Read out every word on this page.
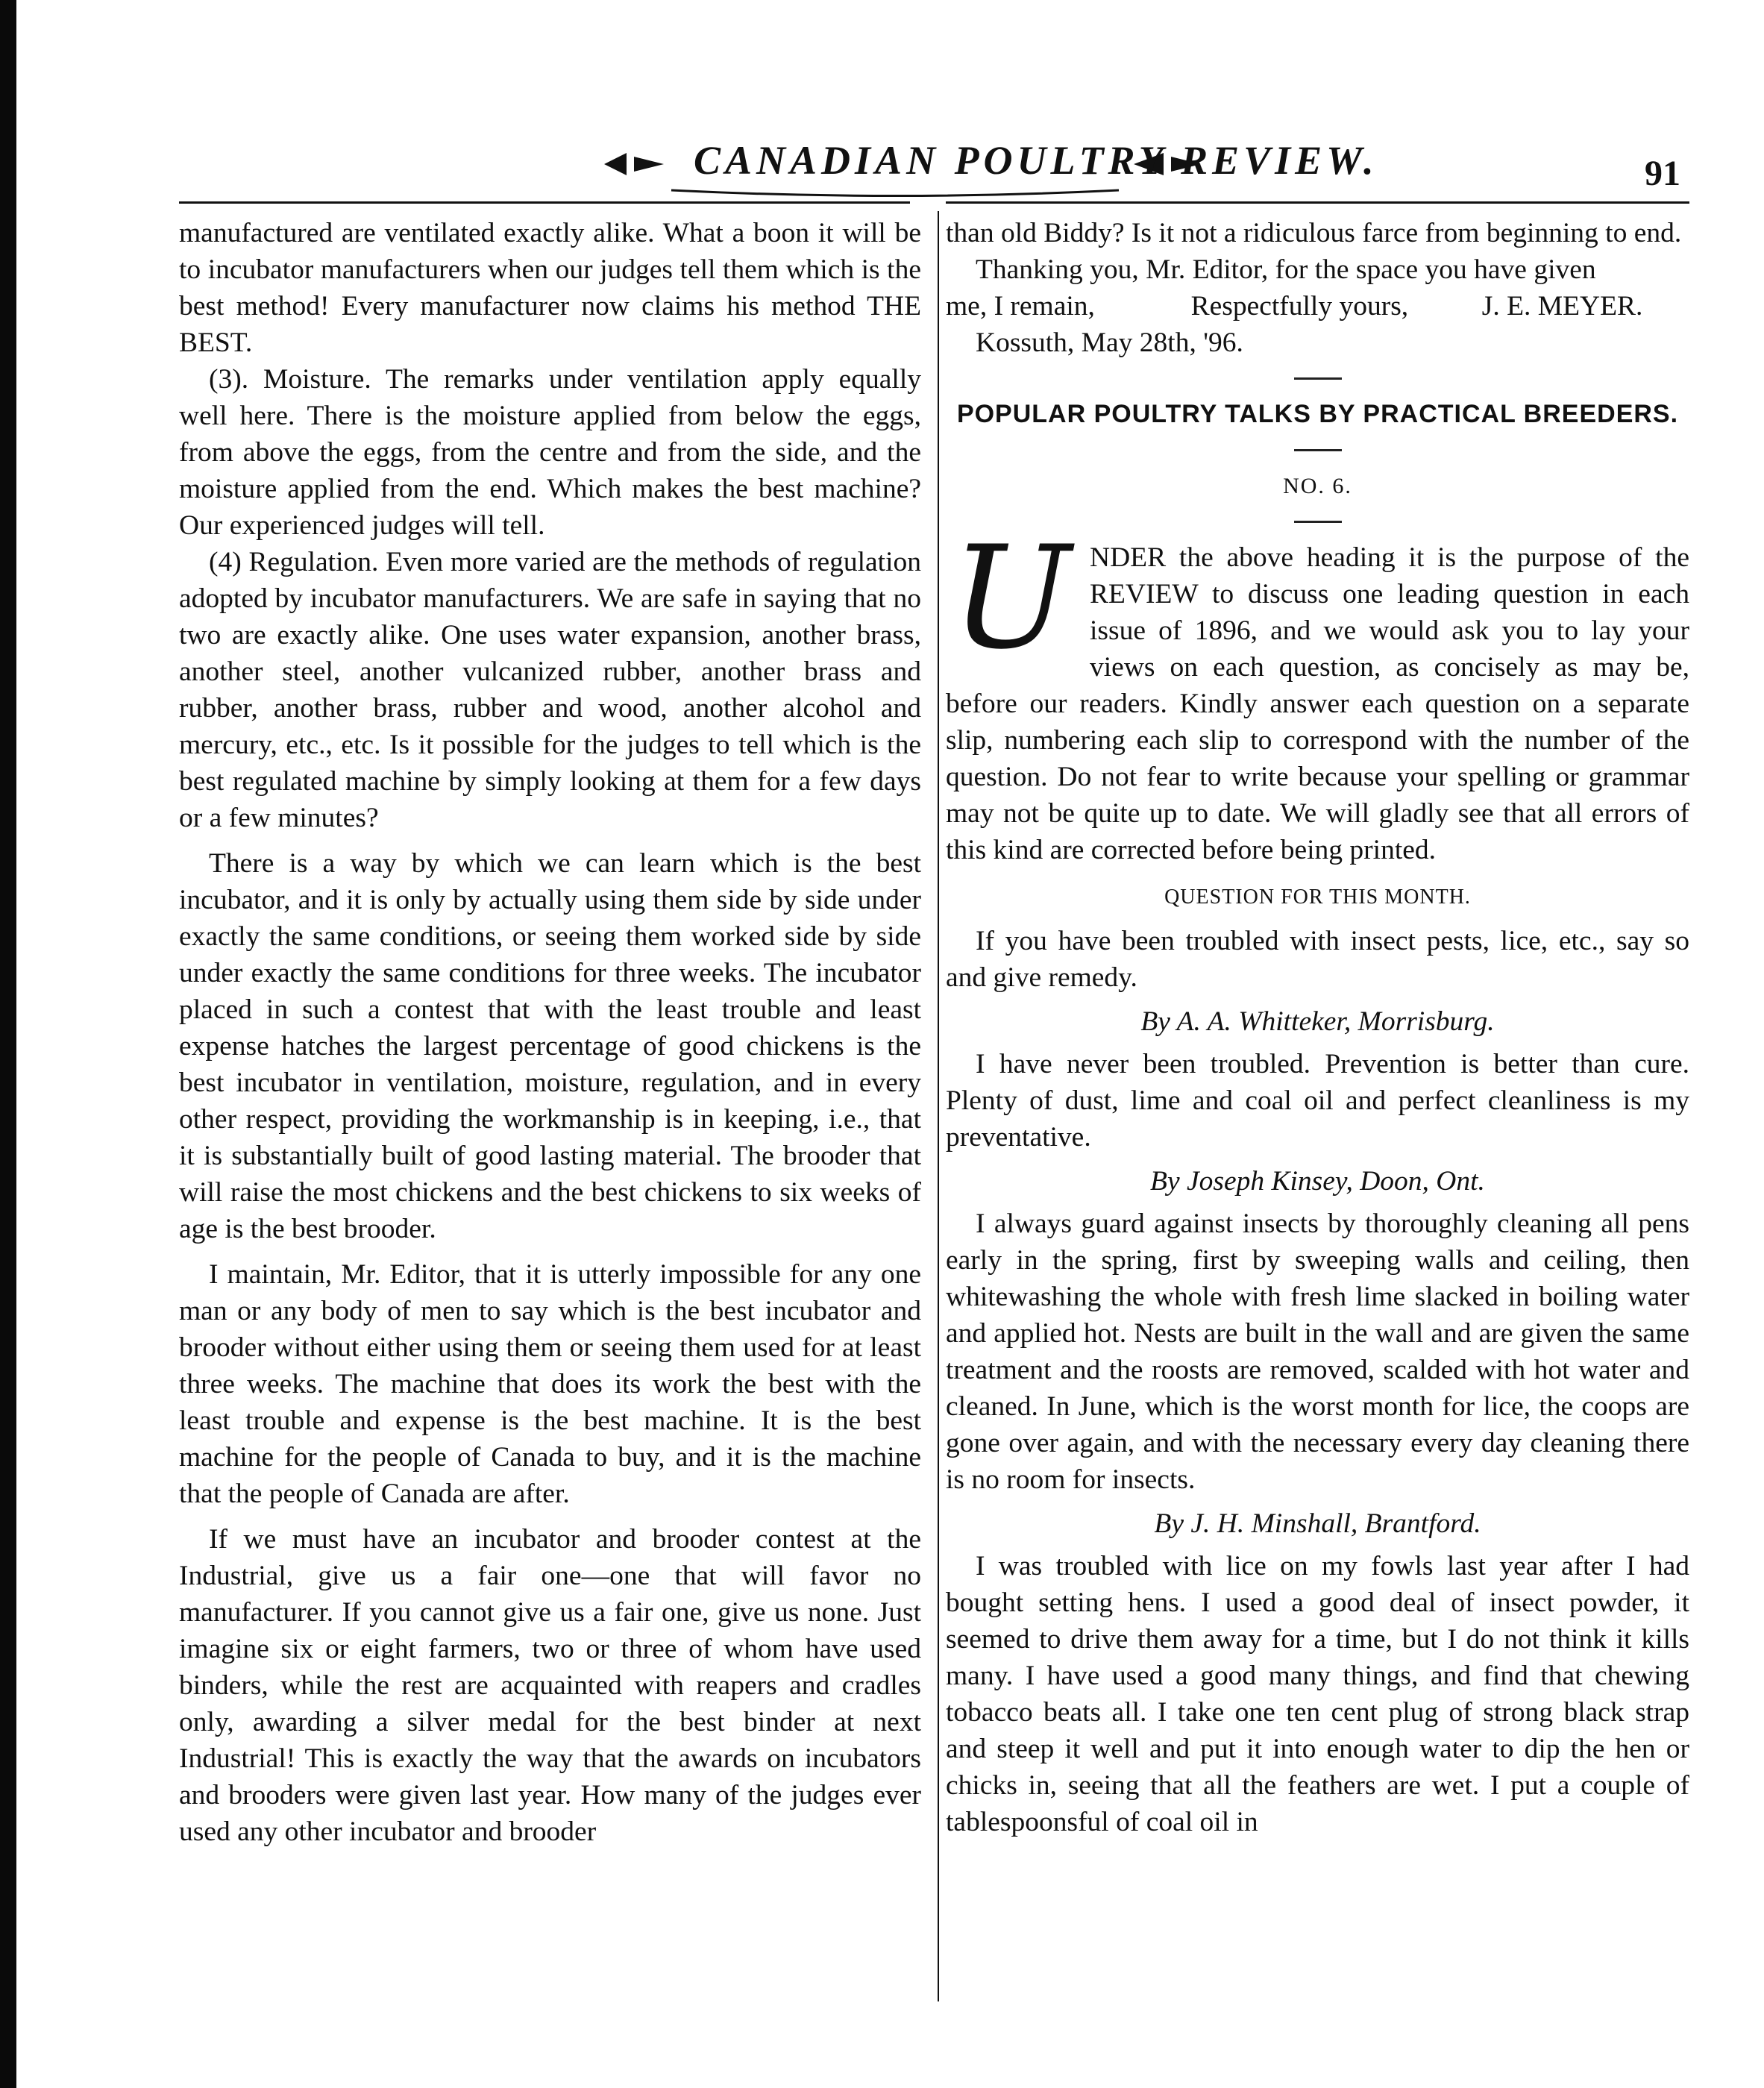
CANADIAN POULTRY REVIEW.	91

manufactured are ventilated exactly alike. What a boon it will be to incubator manufacturers when our judges tell them which is the best method! Every manufacturer now claims his method THE BEST.

(3). Moisture. The remarks under ventilation apply equally well here. There is the moisture applied from below the eggs, from above the eggs, from the centre and from the side, and the moisture applied from the end. Which makes the best machine? Our experienced judges will tell.

(4) Regulation. Even more varied are the methods of regulation adopted by incubator manufacturers. We are safe in saying that no two are exactly alike. One uses water expansion, another brass, another steel, another vulcanized rubber, another brass and rubber, another brass, rubber and wood, another alcohol and mercury, etc., etc. Is it possible for the judges to tell which is the best regulated machine by simply looking at them for a few days or a few minutes?

There is a way by which we can learn which is the best incubator, and it is only by actually using them side by side under exactly the same conditions, or seeing them worked side by side under exactly the same conditions for three weeks. The incubator placed in such a contest that with the least trouble and least expense hatches the largest percentage of good chickens is the best incubator in ventilation, moisture, regulation, and in every other respect, providing the workmanship is in keeping, i.e., that it is substantially built of good lasting material. The brooder that will raise the most chickens and the best chickens to six weeks of age is the best brooder.

I maintain, Mr. Editor, that it is utterly impossible for any one man or any body of men to say which is the best incubator and brooder without either using them or seeing them used for at least three weeks. The machine that does its work the best with the least trouble and expense is the best machine. It is the best machine for the people of Canada to buy, and it is the machine that the people of Canada are after.

If we must have an incubator and brooder contest at the Industrial, give us a fair one—one that will favor no manufacturer. If you cannot give us a fair one, give us none. Just imagine six or eight farmers, two or three of whom have used binders, while the rest are acquainted with reapers and cradles only, awarding a silver medal for the best binder at next Industrial! This is exactly the way that the awards on incubators and brooders were given last year. How many of the judges ever used any other incubator and brooder

than old Biddy? Is it not a ridiculous farce from beginning to end.

Thanking you, Mr. Editor, for the space you have given

me, I remain,	Respectfully yours,	J. E. MEYER.

Kossuth, May 28th, '96.

POPULAR POULTRY TALKS BY PRACTICAL BREEDERS.
NO. 6.

UNDER the above heading it is the purpose of the REVIEW to discuss one leading question in each issue of 1896, and we would ask you to lay your views on each question, as concisely as may be, before our readers. Kindly answer each question on a separate slip, numbering each slip to correspond with the number of the question. Do not fear to write because your spelling or grammar may not be quite up to date. We will gladly see that all errors of this kind are corrected before being printed.

QUESTION FOR THIS MONTH.

If you have been troubled with insect pests, lice, etc., say so and give remedy.

By A. A. Whitteker, Morrisburg.

I have never been troubled. Prevention is better than cure. Plenty of dust, lime and coal oil and perfect cleanliness is my preventative.

By Joseph Kinsey, Doon, Ont.

I always guard against insects by thoroughly cleaning all pens early in the spring, first by sweeping walls and ceiling, then whitewashing the whole with fresh lime slacked in boiling water and applied hot. Nests are built in the wall and are given the same treatment and the roosts are removed, scalded with hot water and cleaned. In June, which is the worst month for lice, the coops are gone over again, and with the necessary every day cleaning there is no room for insects.

By J. H. Minshall, Brantford.

I was troubled with lice on my fowls last year after I had bought setting hens. I used a good deal of insect powder, it seemed to drive them away for a time, but I do not think it kills many. I have used a good many things, and find that chewing tobacco beats all. I take one ten cent plug of strong black strap and steep it well and put it into enough water to dip the hen or chicks in, seeing that all the feathers are wet. I put a couple of tablespoonsful of coal oil in
